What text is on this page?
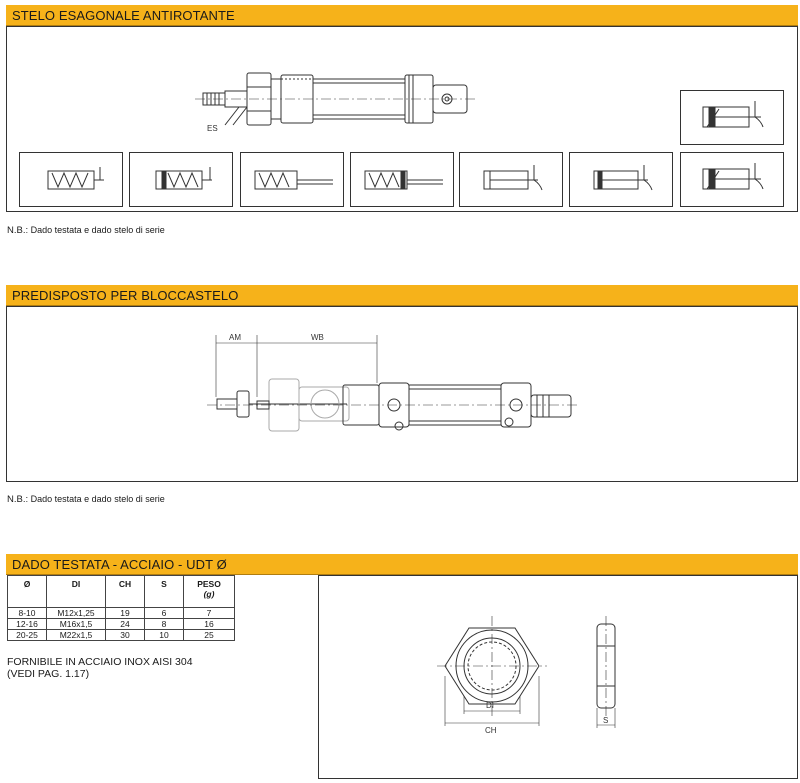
STELO ESAGONALE ANTIROTANTE
ES
N.B.: Dado testata e dado stelo di serie
PREDISPOSTO PER BLOCCASTELO
AM	WB
N.B.: Dado testata e dado stelo di serie
DADO TESTATA - ACCIAIO - UDT Ø
Ø	DI	CH	S	PESO
(g)
8-10	M12x1,25	19	6	7
12-16	M16x1,5	24	8	16
20-25	M22x1,5	30	10	25
FORNIBILE IN ACCIAIO INOX AISI 304
(VEDI PAG. 1.17)
DI
CH
S
